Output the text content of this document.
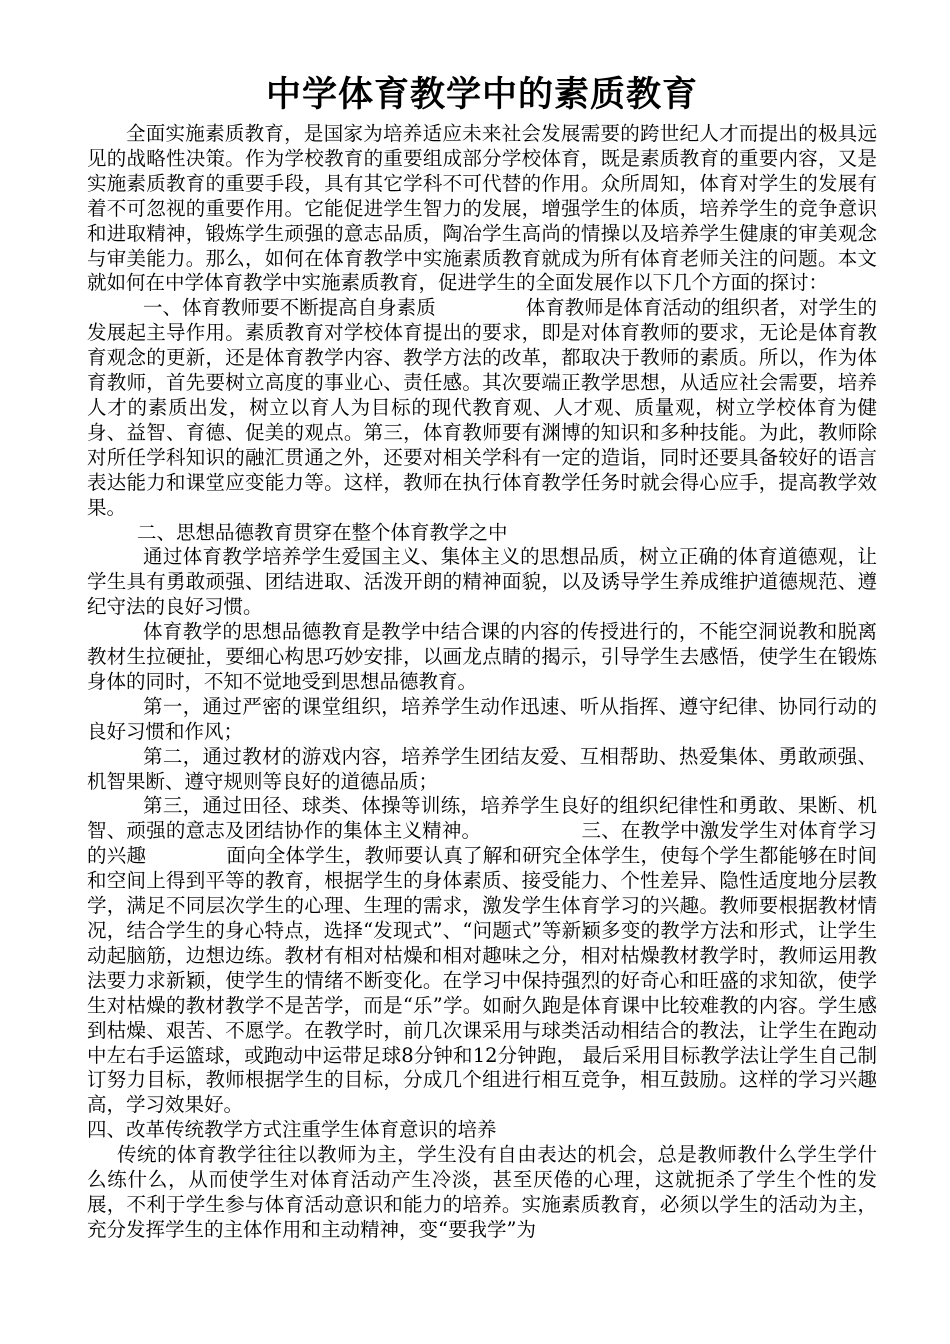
中学体育教学中的素质教育

全面实施素质教育，是国家为培养适应未来社会发展需要的跨世纪人才而提出的极具远见的战略性决策。作为学校教育的重要组成部分学校体育，既是素质教育的重要内容，又是实施素质教育的重要手段，具有其它学科不可代替的作用。众所周知，体育对学生的发展有着不可忽视的重要作用。它能促进学生智力的发展，增强学生的体质，培养学生的竞争意识和进取精神，锻炼学生顽强的意志品质，陶冶学生高尚的情操以及培养学生健康的审美观念与审美能力。那么，如何在体育教学中实施素质教育就成为所有体育老师关注的问题。本文就如何在中学体育教学中实施素质教育，促进学生的全面发展作以下几个方面的探讨：

一、体育教师要不断提高自身素质	体育教师是体育活动的组织者，对学生的发展起主导作用。素质教育对学校体育提出的要求，即是对体育教师的要求，无论是体育教育观念的更新，还是体育教学内容、教学方法的改革，都取决于教师的素质。所以，作为体育教师，首先要树立高度的事业心、责任感。其次要端正教学思想，从适应社会需要，培养人才的素质出发，树立以育人为目标的现代教育观、人才观、质量观，树立学校体育为健身、益智、育德、促美的观点。第三，体育教师要有渊博的知识和多种技能。为此，教师除对所任学科知识的融汇贯通之外，还要对相关学科有一定的造诣，同时还要具备较好的语言表达能力和课堂应变能力等。这样，教师在执行体育教学任务时就会得心应手，提高教学效果。

二、思想品德教育贯穿在整个体育教学之中

通过体育教学培养学生爱国主义、集体主义的思想品质，树立正确的体育道德观，让学生具有勇敢顽强、团结进取、活泼开朗的精神面貌，以及诱导学生养成维护道德规范、遵纪守法的良好习惯。

体育教学的思想品德教育是教学中结合课的内容的传授进行的，不能空洞说教和脱离教材生拉硬扯，要细心构思巧妙安排，以画龙点睛的揭示，引导学生去感悟，使学生在锻炼身体的同时，不知不觉地受到思想品德教育。

第一，通过严密的课堂组织，培养学生动作迅速、听从指挥、遵守纪律、协同行动的良好习惯和作风；

第二，通过教材的游戏内容，培养学生团结友爱、互相帮助、热爱集体、勇敢顽强、机智果断、遵守规则等良好的道德品质；

第三，通过田径、球类、体操等训练，培养学生良好的组织纪律性和勇敢、果断、机智、顽强的意志及团结协作的集体主义精神。	三、在教学中激发学生对体育学习的兴趣	面向全体学生，教师要认真了解和研究全体学生，使每个学生都能够在时间和空间上得到平等的教育，根据学生的身体素质、接受能力、个性差异、隐性适度地分层教学，满足不同层次学生的心理、生理的需求，激发学生体育学习的兴趣。教师要根据教材情况，结合学生的身心特点，选择“发现式”、“问题式”等新颖多变的教学方法和形式，让学生动起脑筋，边想边练。教材有相对枯燥和相对趣味之分，相对枯燥教材教学时，教师运用教法要力求新颖，使学生的情绪不断变化。在学习中保持强烈的好奇心和旺盛的求知欲，使学生对枯燥的教材教学不是苦学，而是“乐”学。如耐久跑是体育课中比较难教的内容。学生感到枯燥、艰苦、不愿学。在教学时，前几次课采用与球类活动相结合的教法，让学生在跑动中左右手运篮球，或跑动中运带足球8分钟和12分钟跑， 最后采用目标教学法让学生自己制订努力目标，教师根据学生的目标，分成几个组进行相互竞争，相互鼓励。这样的学习兴趣高，学习效果好。

四、改革传统教学方式注重学生体育意识的培养

传统的体育教学往往以教师为主，学生没有自由表达的机会，总是教师教什么学生学什么练什么，从而使学生对体育活动产生冷淡，甚至厌倦的心理，这就扼杀了学生个性的发展，不利于学生参与体育活动意识和能力的培养。实施素质教育，必须以学生的活动为主，充分发挥学生的主体作用和主动精神，变“要我学”为
